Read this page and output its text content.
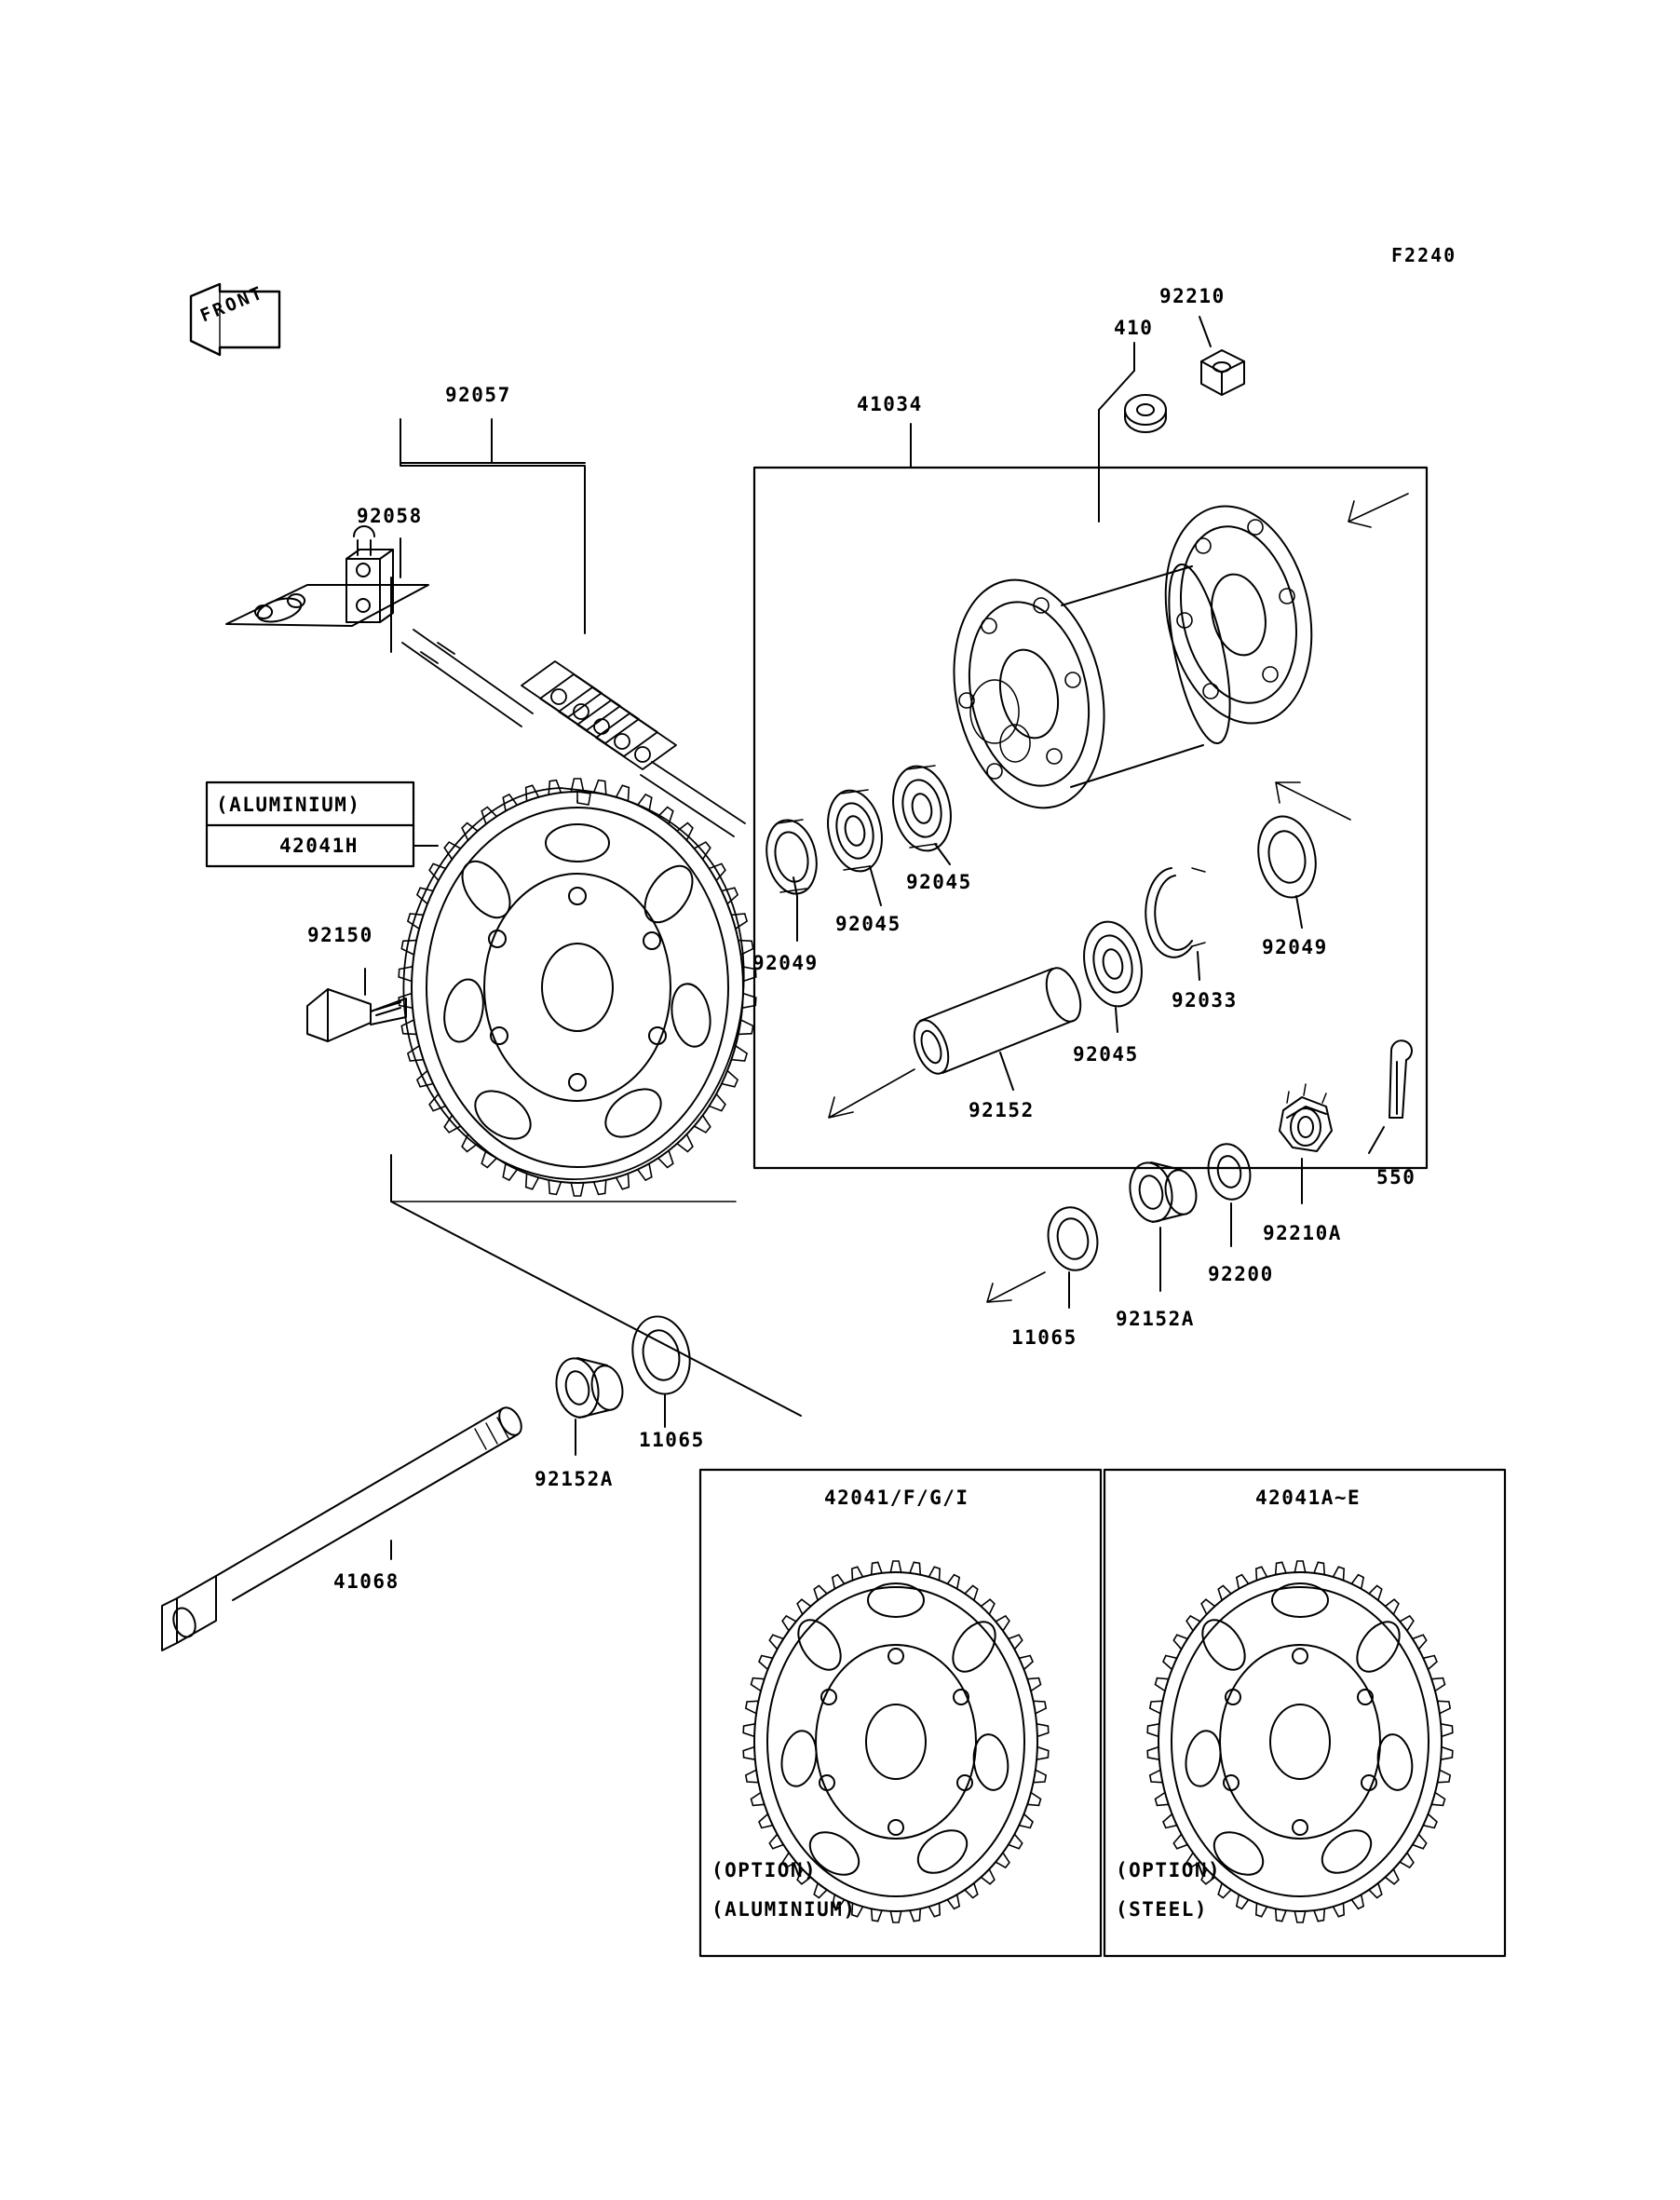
F2240
92057	41034
92210
410
92058
(ALUMINIUM)
42041H
92045
92045
92049
92049
92033
92150
92045
92152
550
92210A
92200
92152A
11065
11065
92152A
41068
42041/F/G/I
(OPTION)
(ALUMINIUM)
42041A~E
(OPTION)
(STEEL)
FRONT
